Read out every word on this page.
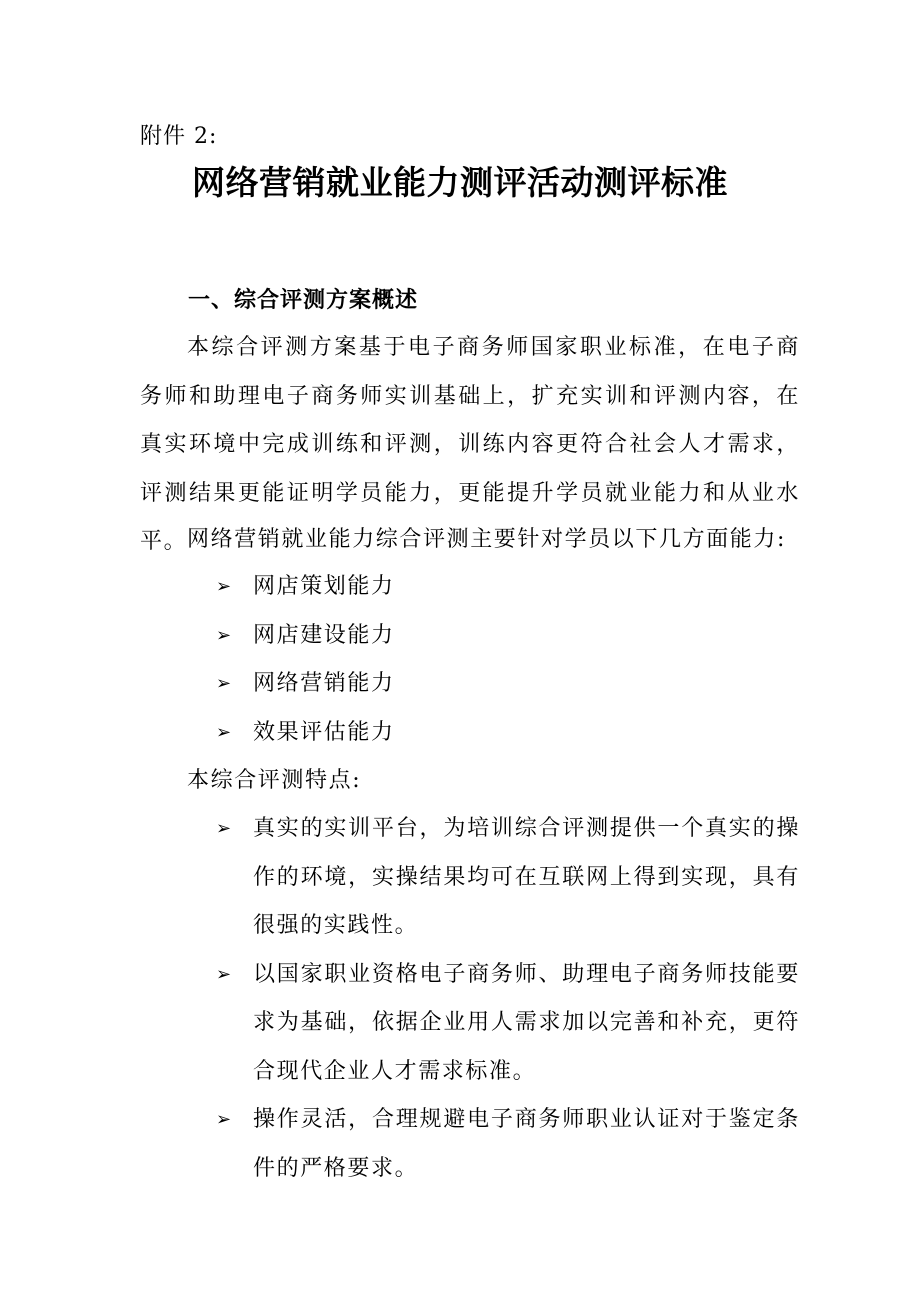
附件 2:
网络营销就业能力测评活动测评标准
一、综合评测方案概述

本综合评测方案基于电子商务师国家职业标准，在电子商务师和助理电子商务师实训基础上，扩充实训和评测内容，在真实环境中完成训练和评测，训练内容更符合社会人才需求，评测结果更能证明学员能力，更能提升学员就业能力和从业水平。 网络营销就业能力综合评测主要针对学员以下几方面能力:

➢ 网店策划能力
➢ 网店建设能力
➢ 网络营销能力
➢ 效果评估能力

本综合评测特点:

➢ 真实的实训平台，为培训综合评测提供一个真实的操作的环境，实操结果均可在互联网上得到实现，具有很强的实践性。
➢ 以国家职业资格电子商务师、助理电子商务师技能要求为基础，依据企业用人需求加以完善和补充，更符合现代企业人才需求标准。
➢ 操作灵活，合理规避电子商务师职业认证对于鉴定条件的严格要求。
